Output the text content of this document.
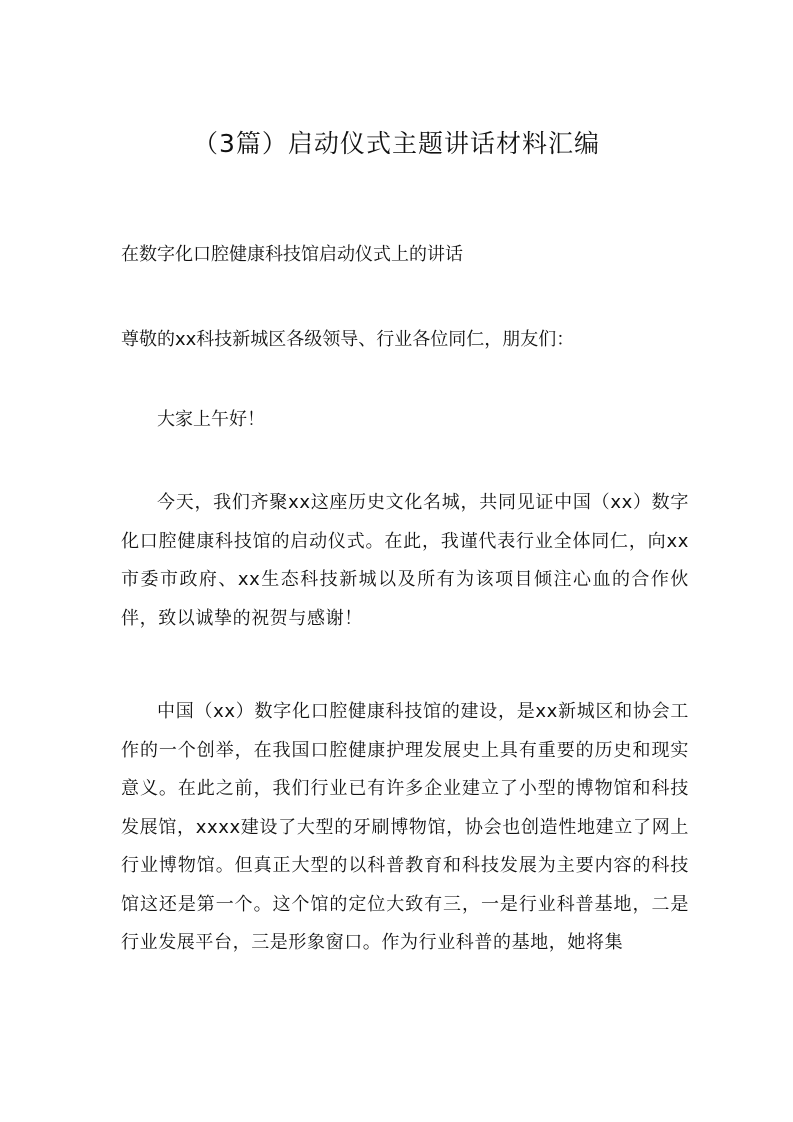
（3篇）启动仪式主题讲话材料汇编

在数字化口腔健康科技馆启动仪式上的讲话

尊敬的xx科技新城区各级领导、行业各位同仁，朋友们：

大家上午好！

今天，我们齐聚xx这座历史文化名城，共同见证中国（xx）数字化口腔健康科技馆的启动仪式。在此，我谨代表行业全体同仁，向xx市委市政府、xx生态科技新城以及所有为该项目倾注心血的合作伙伴，致以诚挚的祝贺与感谢！

中国（xx）数字化口腔健康科技馆的建设，是xx新城区和协会工作的一个创举，在我国口腔健康护理发展史上具有重要的历史和现实意义。在此之前，我们行业已有许多企业建立了小型的博物馆和科技发展馆，xxxx建设了大型的牙刷博物馆，协会也创造性地建立了网上行业博物馆。但真正大型的以科普教育和科技发展为主要内容的科技馆这还是第一个。这个馆的定位大致有三，一是行业科普基地，二是行业发展平台，三是形象窗口。作为行业科普的基地，她将集
